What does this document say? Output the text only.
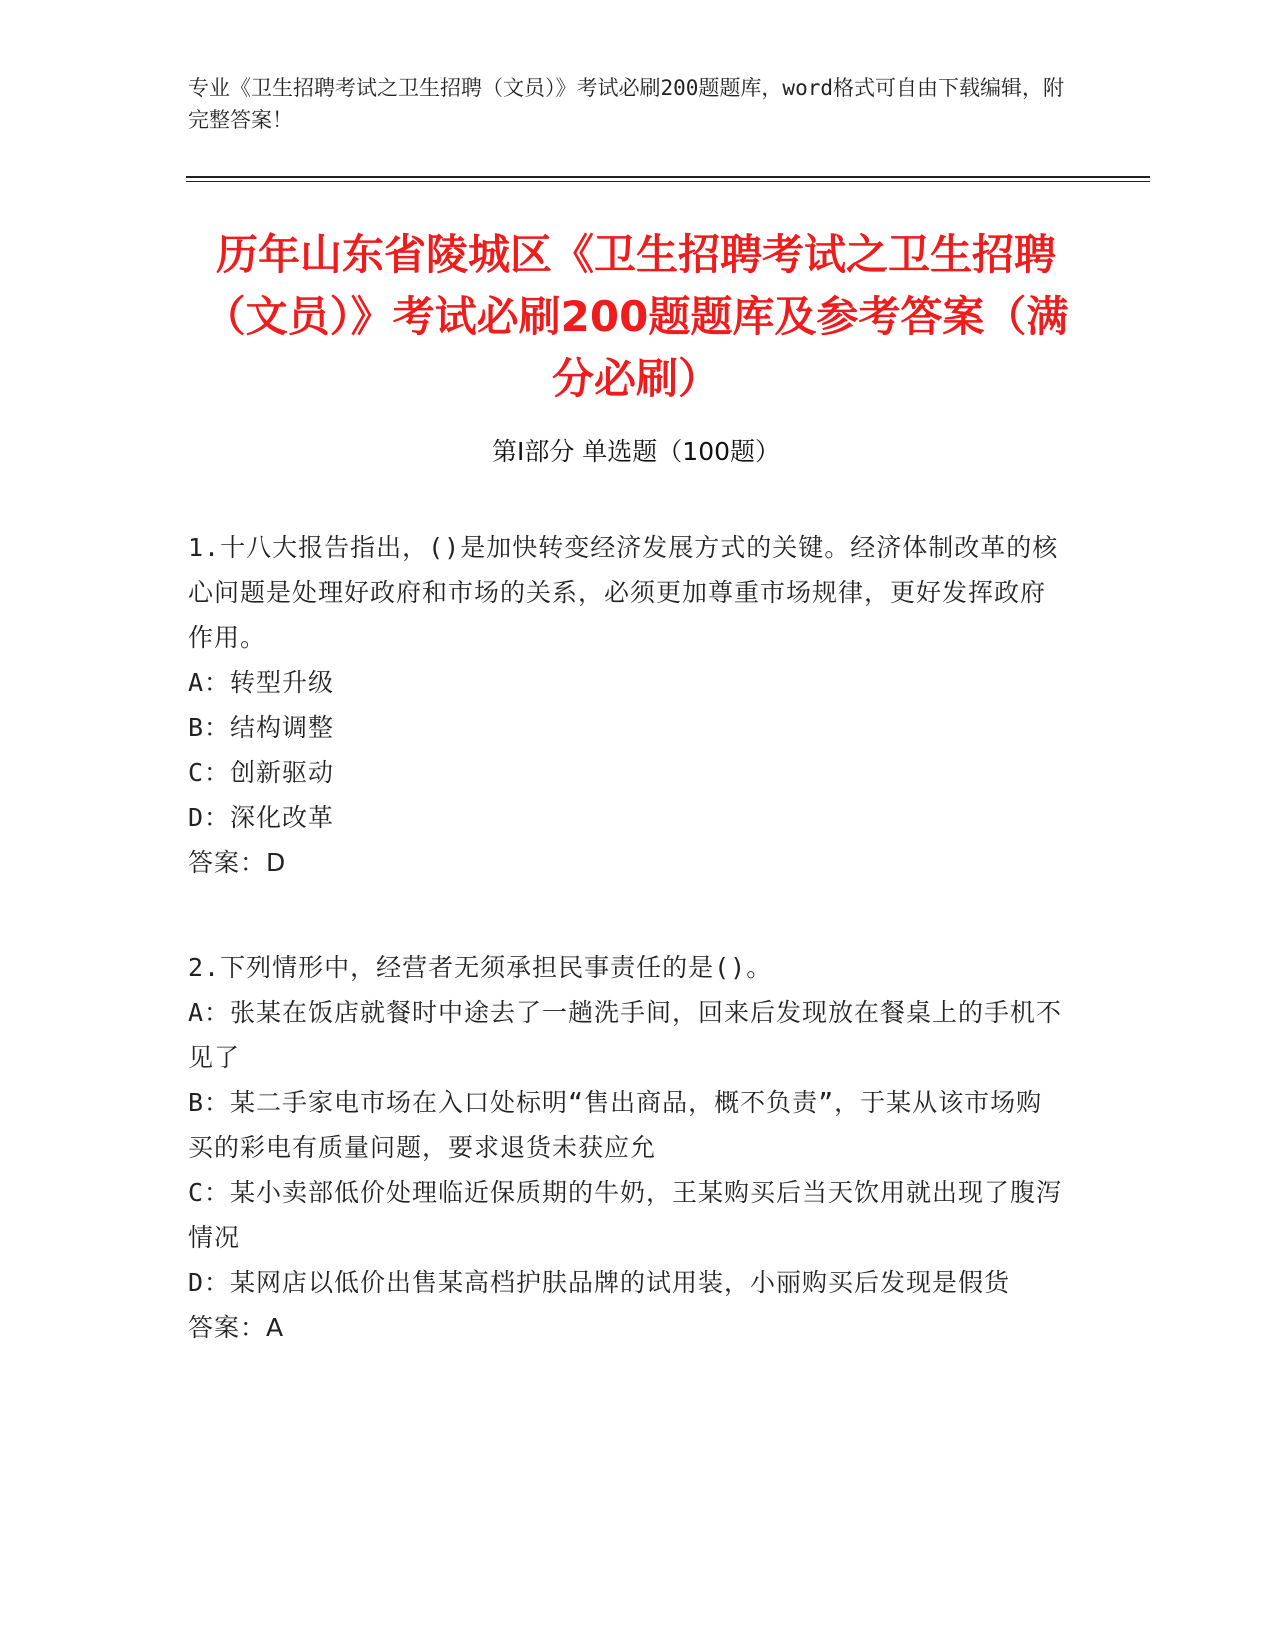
专业《卫生招聘考试之卫生招聘（文员）》考试必刷200题题库，word格式可自由下载编辑，附完整答案！
历年山东省陵城区《卫生招聘考试之卫生招聘（文员）》考试必刷200题题库及参考答案（满分必刷）
第I部分 单选题（100题）

1.十八大报告指出，()是加快转变经济发展方式的关键。经济体制改革的核心问题是处理好政府和市场的关系，必须更加尊重市场规律，更好发挥政府作用。

A：转型升级

B：结构调整

C：创新驱动

D：深化改革

答案：D

2.下列情形中，经营者无须承担民事责任的是()。

A：张某在饭店就餐时中途去了一趟洗手间，回来后发现放在餐桌上的手机不见了

B：某二手家电市场在入口处标明“售出商品，概不负责”，于某从该市场购买的彩电有质量问题，要求退货未获应允

C：某小卖部低价处理临近保质期的牛奶，王某购买后当天饮用就出现了腹泻情况

D：某网店以低价出售某高档护肤品牌的试用装，小丽购买后发现是假货

答案：A
